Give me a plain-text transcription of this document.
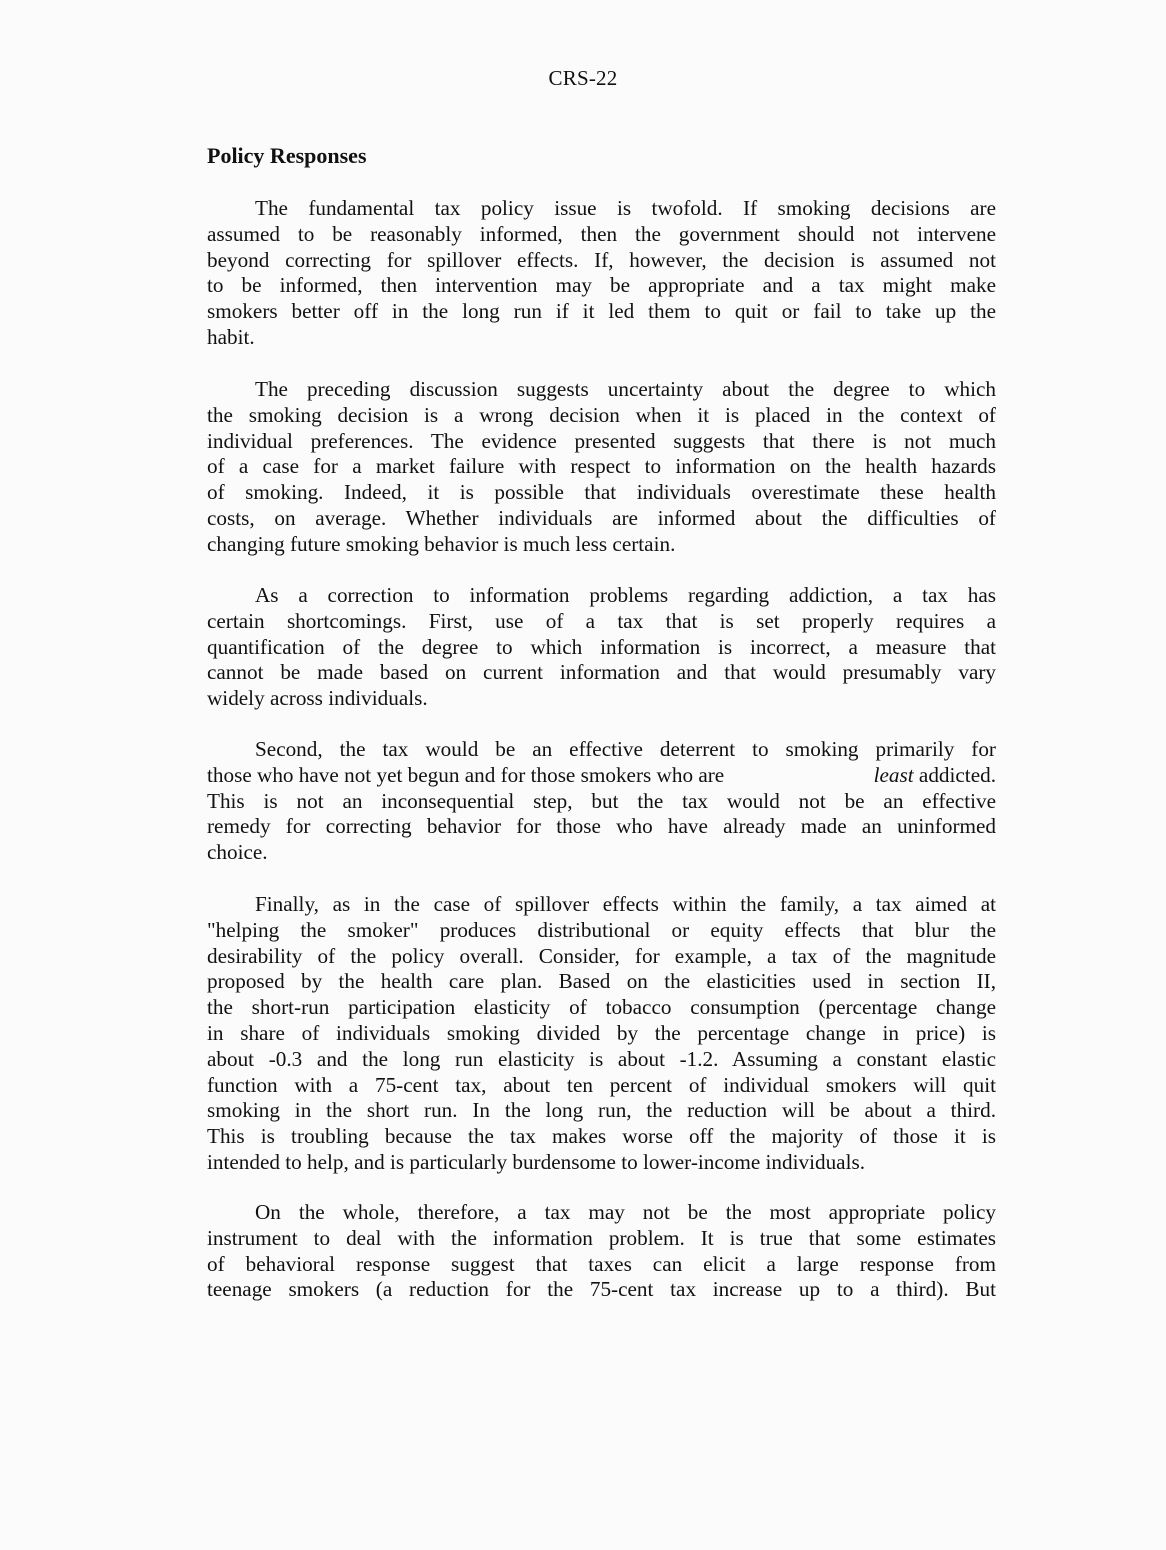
CRS-22
Policy Responses
The fundamental tax policy issue is twofold. If smoking decisions are
assumed to be reasonably informed, then the government should not intervene
beyond correcting for spillover effects. If, however, the decision is assumed not
to be informed, then intervention may be appropriate and a tax might make
smokers better off in the long run if it led them to quit or fail to take up the
habit.
The preceding discussion suggests uncertainty about the degree to which
the smoking decision is a wrong decision when it is placed in the context of
individual preferences. The evidence presented suggests that there is not much
of a case for a market failure with respect to information on the health hazards
of smoking. Indeed, it is possible that individuals overestimate these health
costs, on average. Whether individuals are informed about the difficulties of
changing future smoking behavior is much less certain.
As a correction to information problems regarding addiction, a tax has
certain shortcomings. First, use of a tax that is set properly requires a
quantification of the degree to which information is incorrect, a measure that
cannot be made based on current information and that would presumably vary
widely across individuals.
Second, the tax would be an effective deterrent to smoking primarily for
those who have not yet begun and for those smokers who are	least addicted.
This is not an inconsequential step, but the tax would not be an effective
remedy for correcting behavior for those who have already made an uninformed
choice.
Finally, as in the case of spillover effects within the family, a tax aimed at
"helping the smoker" produces distributional or equity effects that blur the
desirability of the policy overall. Consider, for example, a tax of the magnitude
proposed by the health care plan. Based on the elasticities used in section II,
the short-run participation elasticity of tobacco consumption (percentage change
in share of individuals smoking divided by the percentage change in price) is
about -0.3 and the long run elasticity is about -1.2. Assuming a constant elastic
function with a 75-cent tax, about ten percent of individual smokers will quit
smoking in the short run. In the long run, the reduction will be about a third.
This is troubling because the tax makes worse off the majority of those it is
intended to help, and is particularly burdensome to lower-income individuals.
On the whole, therefore, a tax may not be the most appropriate policy
instrument to deal with the information problem. It is true that some estimates
of behavioral response suggest that taxes can elicit a large response from
teenage smokers (a reduction for the 75-cent tax increase up to a third). But
